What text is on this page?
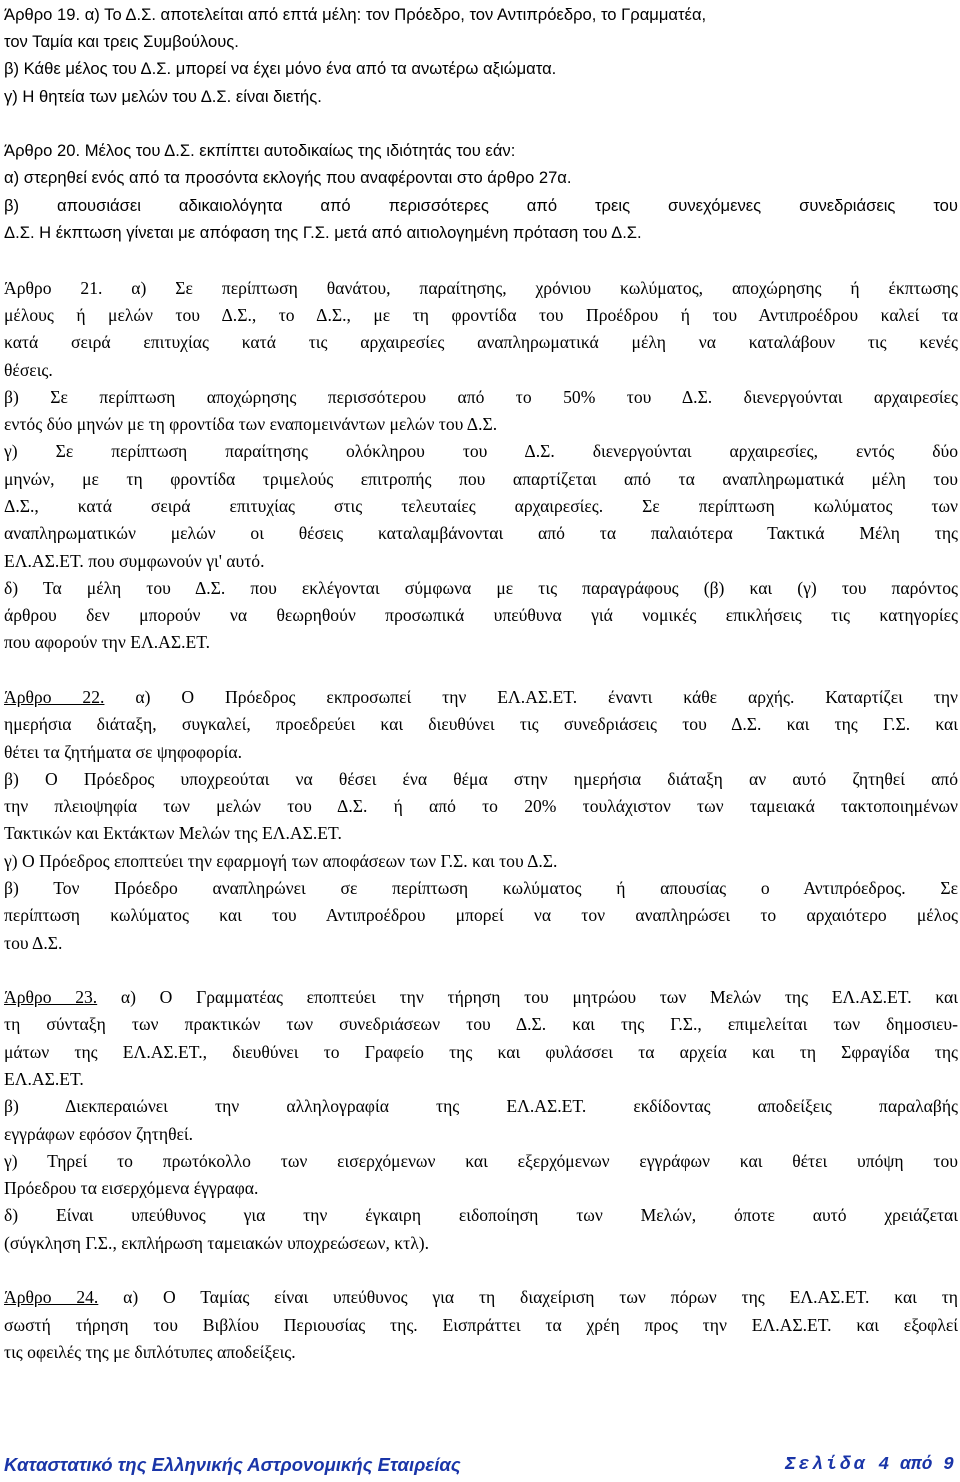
Άρθρο 19. α) Το Δ.Σ. αποτελείται από επτά μέλη: τον Πρόεδρο, τον Αντιπρόεδρο, το Γραμματέα,
τον Ταμία και τρεις Συμβούλους.
β) Κάθε μέλος του Δ.Σ. μπορεί να έχει μόνο ένα από τα ανωτέρω αξιώματα.
γ) Η θητεία των μελών του Δ.Σ. είναι διετής.
Άρθρο 20. Μέλος του Δ.Σ. εκπίπτει αυτοδικαίως της ιδιότητάς του εάν:
α) στερηθεί ενός από τα προσόντα εκλογής που αναφέρονται στο άρθρο 27α.
β) απουσιάσει αδικαιολόγητα από περισσότερες από τρεις συνεχόμενες συνεδριάσεις του
Δ.Σ. Η έκπτωση γίνεται με απόφαση της Γ.Σ. μετά από αιτιολογημένη πρόταση του Δ.Σ.
Άρθρο 21. α) Σε περίπτωση θανάτου, παραίτησης, χρόνιου κωλύματος, αποχώρησης ή έκπτωσης
μέλους ή μελών του Δ.Σ., το Δ.Σ., με τη φροντίδα του Προέδρου ή του Αντιπροέδρου καλεί τα
κατά σειρά επιτυχίας κατά τις αρχαιρεσίες αναπληρωματικά μέλη να καταλάβουν τις κενές
θέσεις.
β) Σε περίπτωση αποχώρησης περισσότερου από το 50% του Δ.Σ. διενεργούνται αρχαιρεσίες
εντός δύο μηνών με τη φροντίδα των εναπομεινάντων μελών του Δ.Σ.
γ) Σε περίπτωση παραίτησης ολόκληρου του Δ.Σ. διενεργούνται αρχαιρεσίες, εντός δύο
μηνών, με τη φροντίδα τριμελούς επιτροπής που απαρτίζεται από τα αναπληρωματικά μέλη του
Δ.Σ., κατά σειρά επιτυχίας στις τελευταίες αρχαιρεσίες. Σε περίπτωση κωλύματος των
αναπληρωματικών μελών οι θέσεις καταλαμβάνονται από τα παλαιότερα Τακτικά Μέλη της
ΕΛ.ΑΣ.ΕΤ. που συμφωνούν γι' αυτό.
δ) Τα μέλη του Δ.Σ. που εκλέγονται σύμφωνα με τις παραγράφους (β) και (γ) του παρόντος
άρθρου δεν μπορούν να θεωρηθούν προσωπικά υπεύθυνα γιά νομικές επικλήσεις τις κατηγορίες
που αφορούν την ΕΛ.ΑΣ.ΕΤ.
Άρθρο 22. α) Ο Πρόεδρος εκπροσωπεί την ΕΛ.ΑΣ.ΕΤ. έναντι κάθε αρχής. Καταρτίζει την
ημερήσια διάταξη, συγκαλεί, προεδρεύει και διευθύνει τις συνεδριάσεις του Δ.Σ. και της Γ.Σ. και
θέτει τα ζητήματα σε ψηφοφορία.
β) Ο Πρόεδρος υποχρεούται να θέσει ένα θέμα στην ημερήσια διάταξη αν αυτό ζητηθεί από
την πλειοψηφία των μελών του Δ.Σ. ή από το 20% τουλάχιστον των ταμειακά τακτοποιημένων
Τακτικών και Εκτάκτων Μελών της ΕΛ.ΑΣ.ΕΤ.
γ) Ο Πρόεδρος εποπτεύει την εφαρμογή των αποφάσεων των Γ.Σ. και του Δ.Σ.
β) Τον Πρόεδρο αναπληρώνει σε περίπτωση κωλύματος ή απουσίας ο Αντιπρόεδρος. Σε
περίπτωση κωλύματος και του Αντιπροέδρου μπορεί να τον αναπληρώσει το αρχαιότερο μέλος
του Δ.Σ.
Άρθρο 23. α) Ο Γραμματέας εποπτεύει την τήρηση του μητρώου των Μελών της ΕΛ.ΑΣ.ΕΤ. και
τη σύνταξη των πρακτικών των συνεδριάσεων του Δ.Σ. και της Γ.Σ., επιμελείται των δημοσιευ-
μάτων της ΕΛ.ΑΣ.ΕΤ., διευθύνει το Γραφείο της και φυλάσσει τα αρχεία και τη Σφραγίδα της
ΕΛ.ΑΣ.ΕΤ.
β) Διεκπεραιώνει την αλληλογραφία της ΕΛ.ΑΣ.ΕΤ. εκδίδοντας αποδείξεις παραλαβής
εγγράφων εφόσον ζητηθεί.
γ) Τηρεί το πρωτόκολλο των εισερχόμενων και εξερχόμενων εγγράφων και θέτει υπόψη του
Πρόεδρου τα εισερχόμενα έγγραφα.
δ) Είναι υπεύθυνος για την έγκαιρη ειδοποίηση των Μελών, όποτε αυτό χρειάζεται
(σύγκληση Γ.Σ., εκπλήρωση ταμειακών υποχρεώσεων, κτλ).
Άρθρο 24. α) Ο Ταμίας είναι υπεύθυνος για τη διαχείριση των πόρων της ΕΛ.ΑΣ.ΕΤ. και τη
σωστή τήρηση του Βιβλίου Περιουσίας της. Εισπράττει τα χρέη προς την ΕΛ.ΑΣ.ΕΤ. και εξοφλεί
τις οφειλές της με διπλότυπες αποδείξεις.
Καταστατικό της Ελληνικής Αστρονομικής Εταιρείας	Σελίδα 4 από 9
